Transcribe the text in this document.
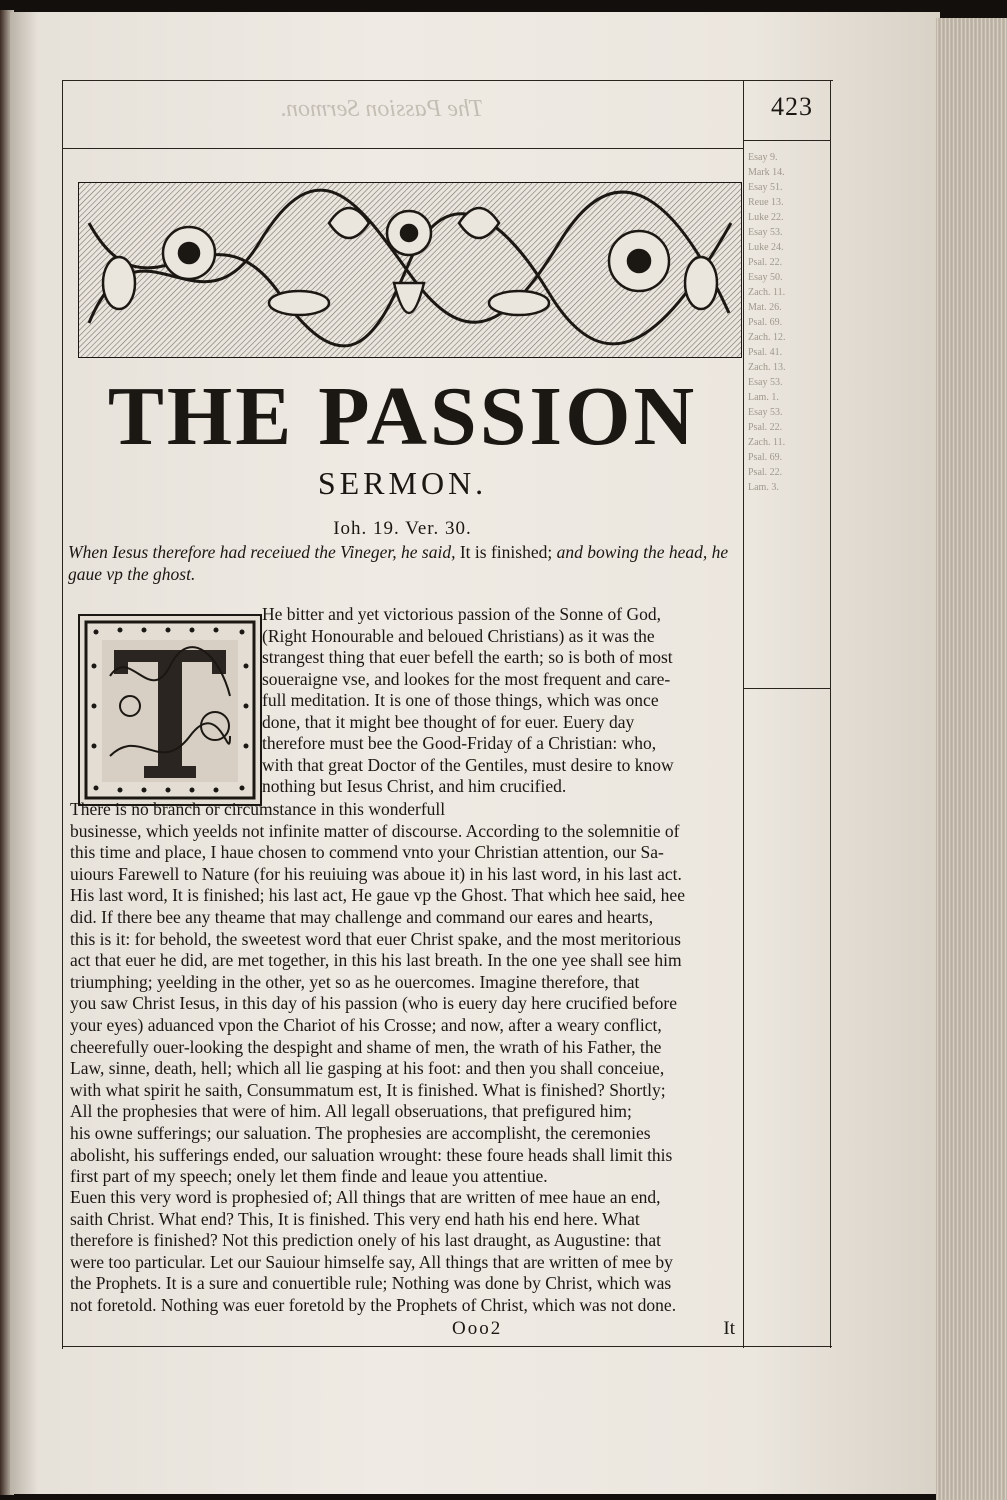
The Passion Sermon.	423
Esay 9.
Mark 14.
Esay 51.
Reue 13.
Luke 22.
Esay 53.
Luke 24.
Psal. 22.
Esay 50.
Zach. 11.
Mat. 26.
Psal. 69.
Zach. 12.
Psal. 41.
Zach. 13.
Esay 53.
Lam. 1.
Esay 53.
Psal. 22.
Zach. 11.
Psal. 69.
Psal. 22.
Lam. 3.
THE PASSION
SERMON.
Ioh. 19. Ver. 30.
When Iesus therefore had receiued the Vineger, he said, It is finished; and bowing the head, he gaue vp the ghost.
He bitter and yet victorious passion of the Sonne of God,
(Right Honourable and beloued Christians) as it was the
strangest thing that euer befell the earth; so is both of most
soueraigne vse, and lookes for the most frequent and care-
full meditation. It is one of those things, which was once
done, that it might bee thought of for euer. Euery day
therefore must bee the Good-Friday of a Christian: who,
with that great Doctor of the Gentiles, must desire to know
nothing but Iesus Christ, and him crucified.
There is no branch or circumstance in this wonderfull
businesse, which yeelds not infinite matter of discourse. According to the solemnitie of
this time and place, I haue chosen to commend vnto your Christian attention, our Sa-
uiours Farewell to Nature (for his reuiuing was aboue it) in his last word, in his last act.
His last word, It is finished; his last act, He gaue vp the Ghost. That which hee said, hee
did. If there bee any theame that may challenge and command our eares and hearts,
this is it: for behold, the sweetest word that euer Christ spake, and the most meritorious
act that euer he did, are met together, in this his last breath. In the one yee shall see him
triumphing; yeelding in the other, yet so as he ouercomes. Imagine therefore, that
you saw Christ Iesus, in this day of his passion (who is euery day here crucified before
your eyes) aduanced vpon the Chariot of his Crosse; and now, after a weary conflict,
cheerefully ouer-looking the despight and shame of men, the wrath of his Father, the
Law, sinne, death, hell; which all lie gasping at his foot: and then you shall conceiue,
with what spirit he saith, Consummatum est, It is finished. What is finished? Shortly;
All the prophesies that were of him. All legall obseruations, that prefigured him;
his owne sufferings; our saluation. The prophesies are accomplisht, the ceremonies
abolisht, his sufferings ended, our saluation wrought: these foure heads shall limit this
first part of my speech; onely let them finde and leaue you attentiue.
Euen this very word is prophesied of; All things that are written of mee haue an end,
saith Christ. What end? This, It is finished. This very end hath his end here. What
therefore is finished? Not this prediction onely of his last draught, as Augustine: that
were too particular. Let our Sauiour himselfe say, All things that are written of mee by
the Prophets. It is a sure and conuertible rule; Nothing was done by Christ, which was
not foretold. Nothing was euer foretold by the Prophets of Christ, which was not done.
Ooo2	It
